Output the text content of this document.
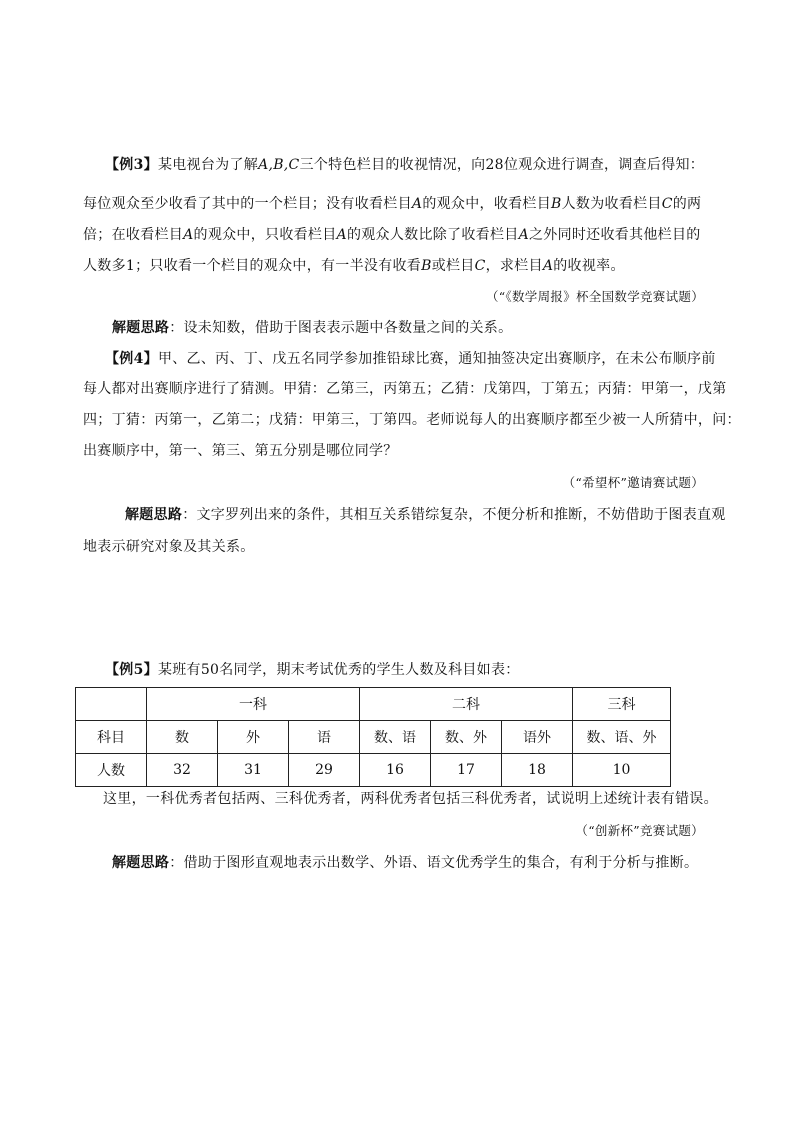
【例3】某电视台为了解A,B,C三个特色栏目的收视情况，向28位观众进行调查，调查后得知：
每位观众至少收看了其中的一个栏目；没有收看栏目A的观众中，收看栏目B人数为收看栏目C的两
倍；在收看栏目A的观众中，只收看栏目A的观众人数比除了收看栏目A之外同时还收看其他栏目的
人数多1；只收看一个栏目的观众中，有一半没有收看B或栏目C，求栏目A的收视率。
（“《数学周报》杯全国数学竞赛试题）
解题思路：设未知数，借助于图表表示题中各数量之间的关系。
【例4】甲、乙、丙、丁、戊五名同学参加推铅球比赛，通知抽签决定出赛顺序，在未公布顺序前
每人都对出赛顺序进行了猜测。甲猜：乙第三，丙第五；乙猜：戊第四，丁第五；丙猜：甲第一，戊第
四；丁猜：丙第一，乙第二；戊猜：甲第三，丁第四。老师说每人的出赛顺序都至少被一人所猜中，问：
出赛顺序中，第一、第三、第五分别是哪位同学？
（“希望杯”邀请赛试题）
解题思路：文字罗列出来的条件，其相互关系错综复杂，不便分析和推断，不妨借助于图表直观
地表示研究对象及其关系。
【例5】某班有50名同学，期末考试优秀的学生人数及科目如表：
	一科			二科			三科
科目	数	外	语	数、语	数、外	语外	数、语、外
人数	32	31	29	16	17	18	10
这里，一科优秀者包括两、三科优秀者，两科优秀者包括三科优秀者，试说明上述统计表有错误。
（“创新杯”竞赛试题）
解题思路：借助于图形直观地表示出数学、外语、语文优秀学生的集合，有利于分析与推断。
